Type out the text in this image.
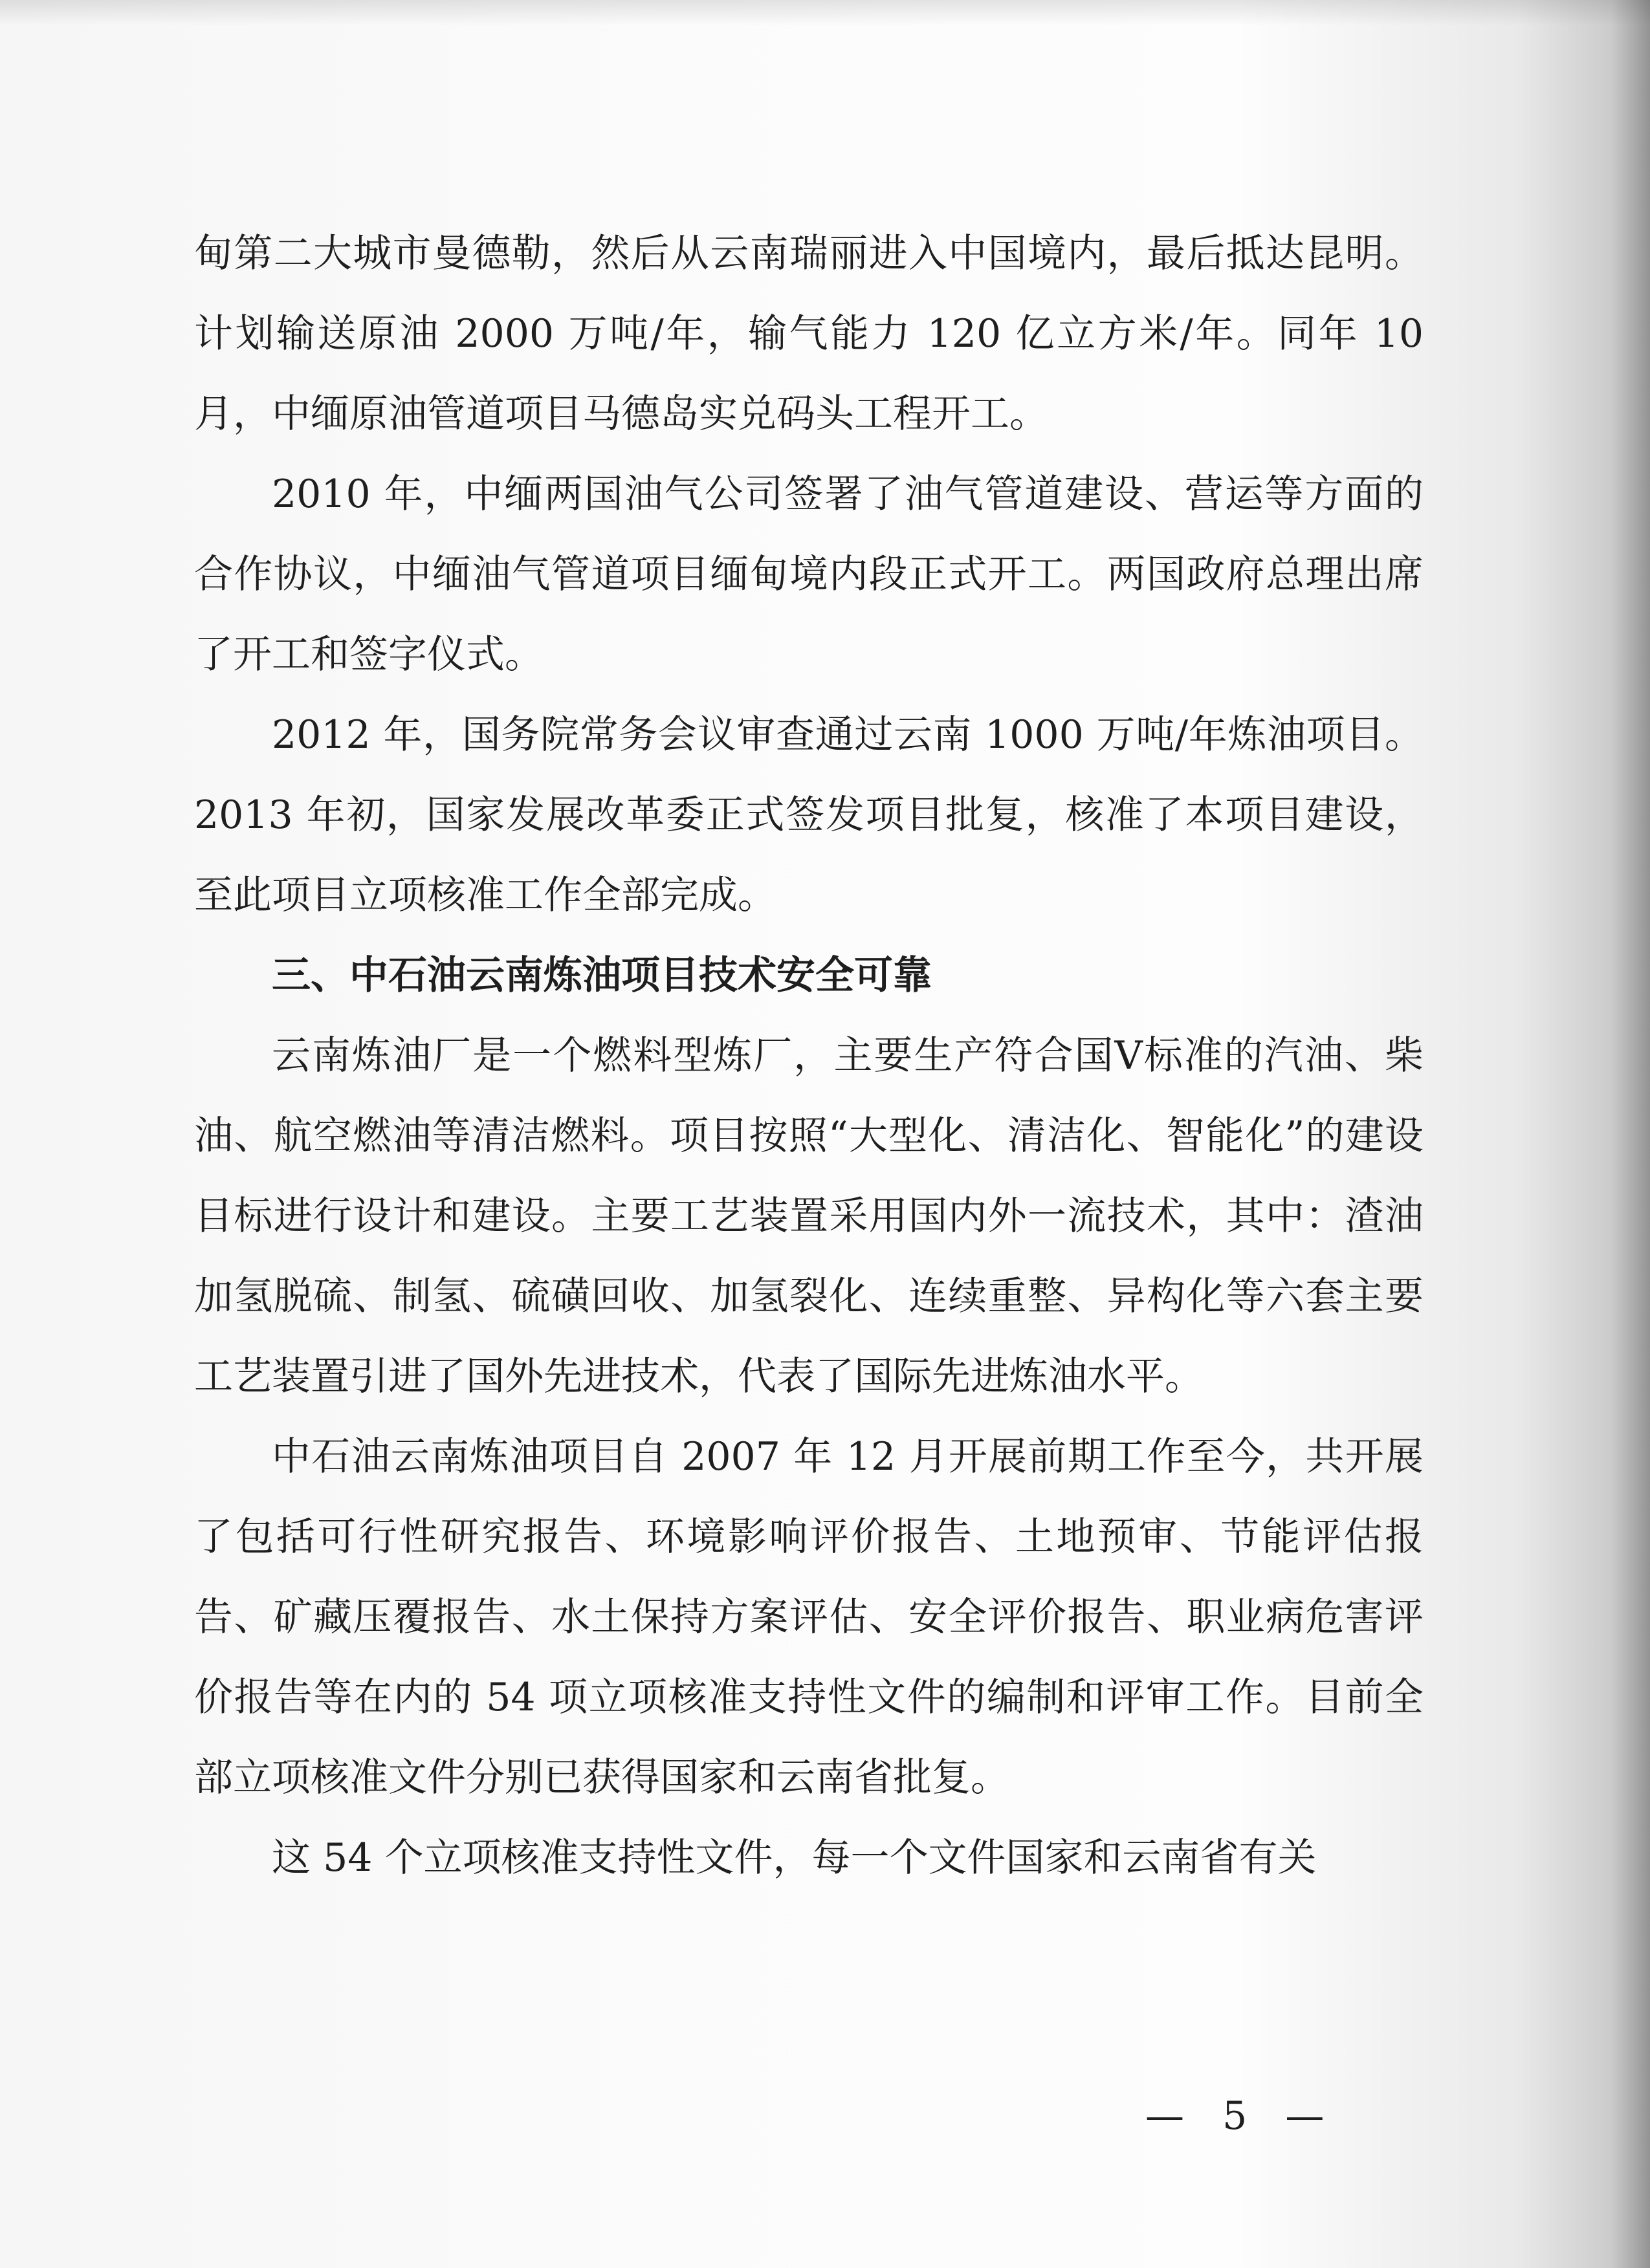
甸第二大城市曼德勒，然后从云南瑞丽进入中国境内，最后抵达昆明。计划输送原油 2000 万吨/年，输气能力 120 亿立方米/年。同年 10 月，中缅原油管道项目马德岛实兑码头工程开工。

2010 年，中缅两国油气公司签署了油气管道建设、营运等方面的合作协议，中缅油气管道项目缅甸境内段正式开工。两国政府总理出席了开工和签字仪式。

2012 年，国务院常务会议审查通过云南 1000 万吨/年炼油项目。2013 年初，国家发展改革委正式签发项目批复，核准了本项目建设，至此项目立项核准工作全部完成。

三、中石油云南炼油项目技术安全可靠

云南炼油厂是一个燃料型炼厂，主要生产符合国Ⅴ标准的汽油、柴油、航空燃油等清洁燃料。项目按照“大型化、清洁化、智能化”的建设目标进行设计和建设。主要工艺装置采用国内外一流技术，其中：渣油加氢脱硫、制氢、硫磺回收、加氢裂化、连续重整、异构化等六套主要工艺装置引进了国外先进技术，代表了国际先进炼油水平。

中石油云南炼油项目自 2007 年 12 月开展前期工作至今，共开展了包括可行性研究报告、环境影响评价报告、土地预审、节能评估报告、矿藏压覆报告、水土保持方案评估、安全评价报告、职业病危害评价报告等在内的 54 项立项核准支持性文件的编制和评审工作。目前全部立项核准文件分别已获得国家和云南省批复。

这 54 个立项核准支持性文件，每一个文件国家和云南省有关

— 5 —
